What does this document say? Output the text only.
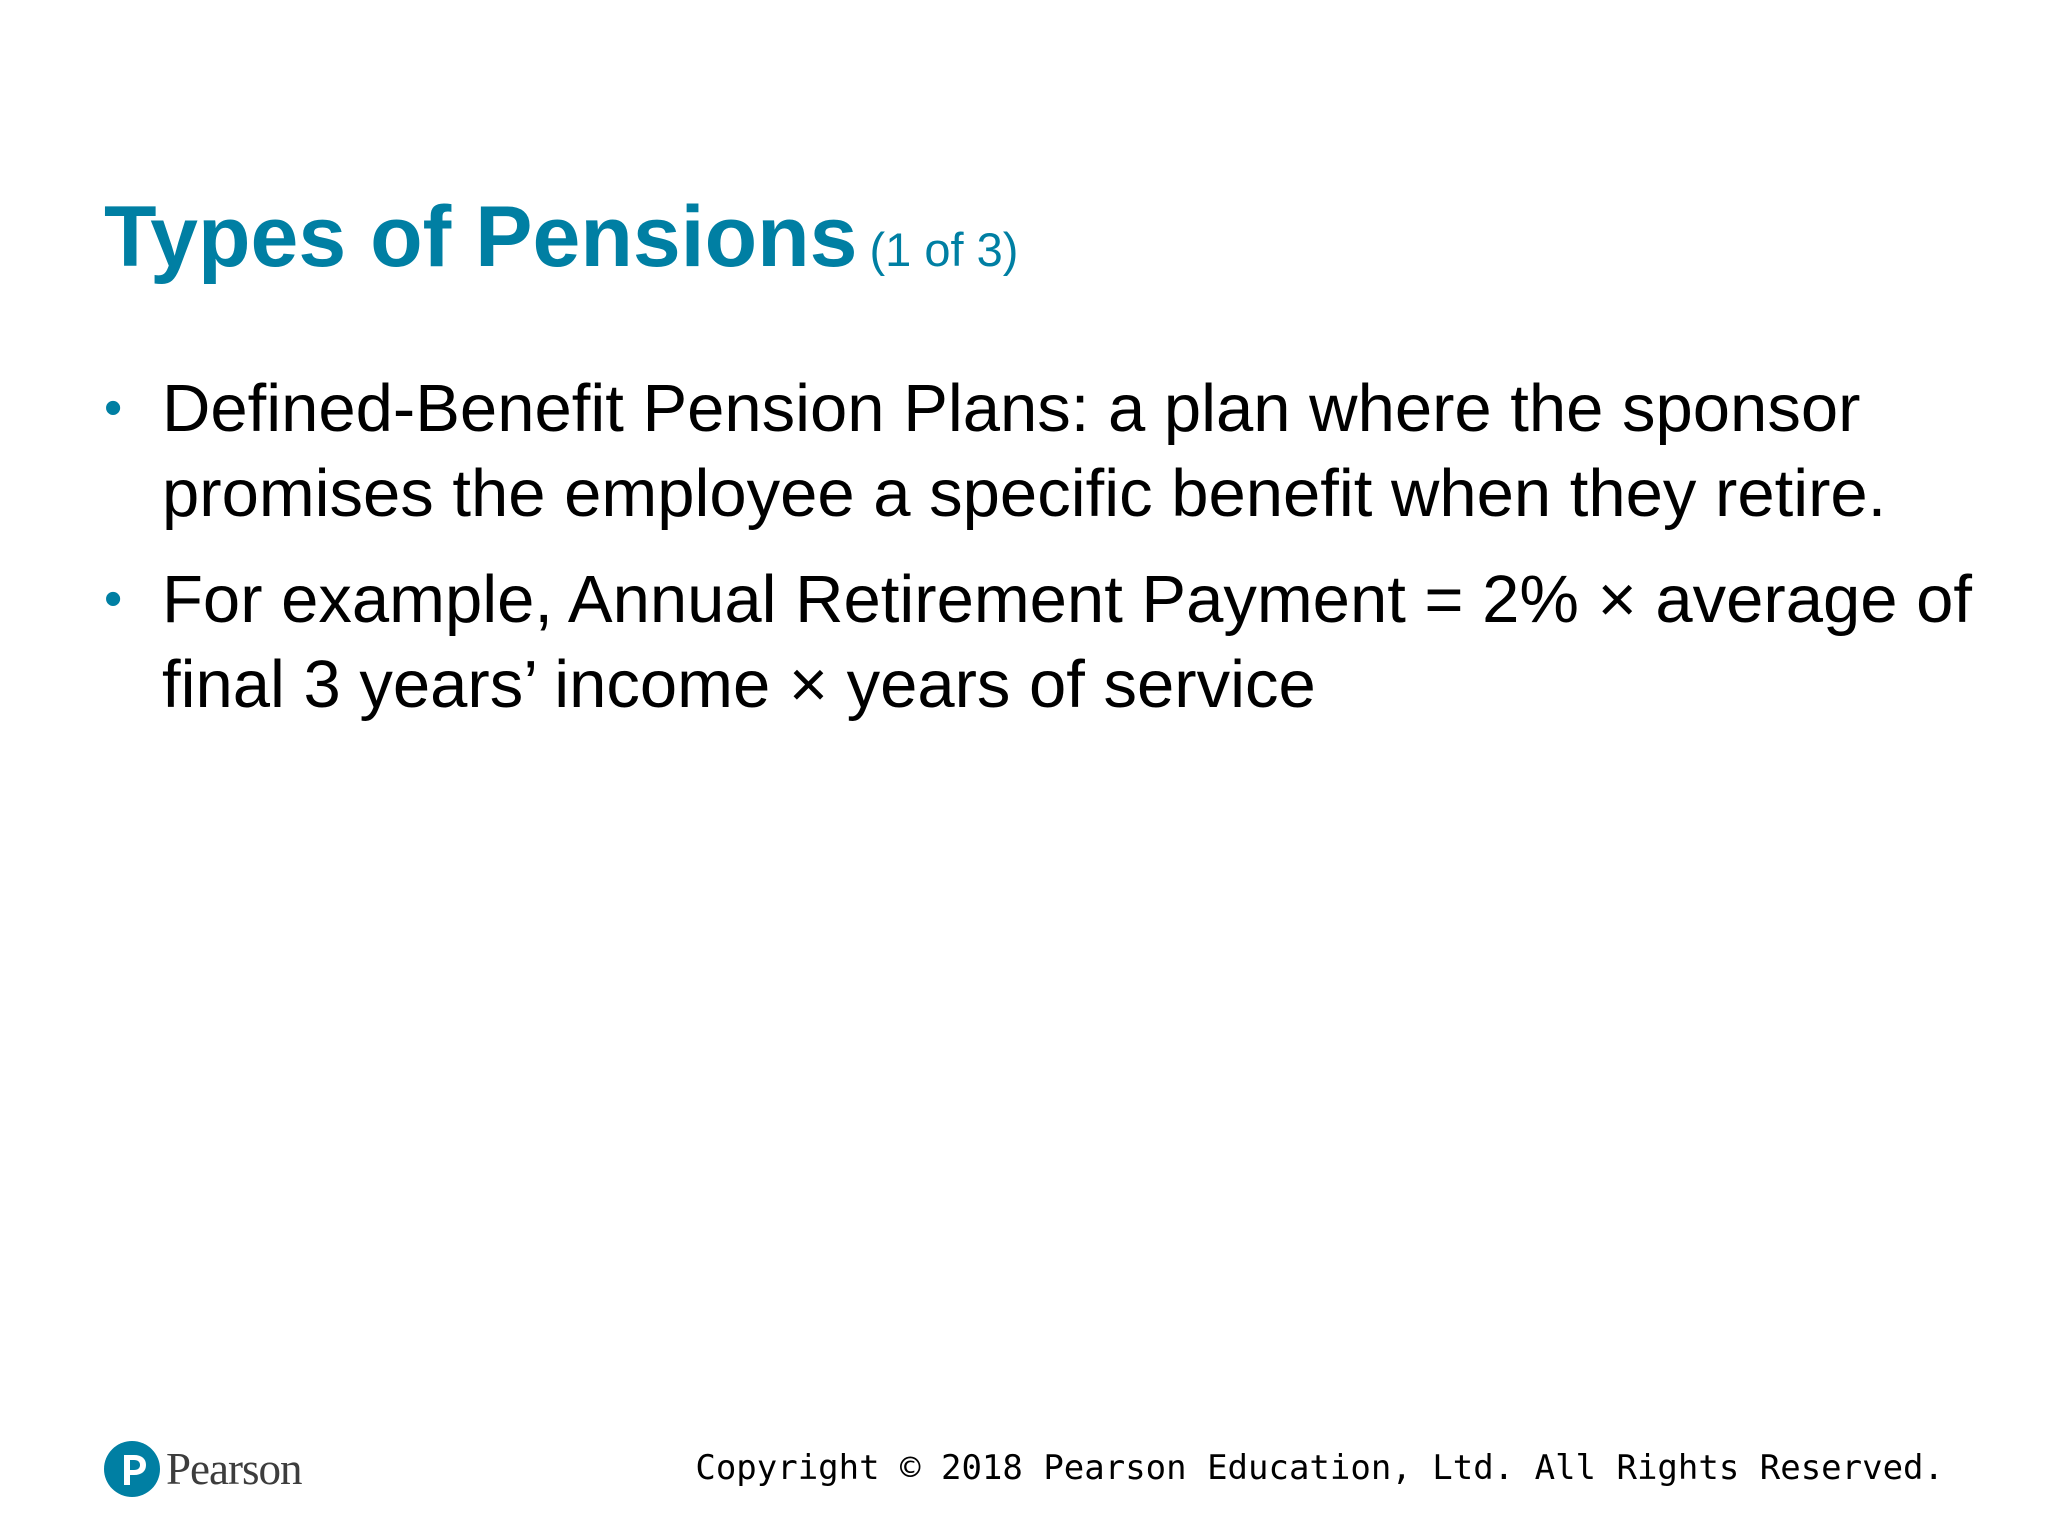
Types of Pensions (1 of 3)
• Defined-Benefit Pension Plans: a plan where the sponsor promises the employee a specific benefit when they retire.
• For example, Annual Retirement Payment = 2% × average of final 3 years’ income × years of service
Pearson	Copyright © 2018 Pearson Education, Ltd. All Rights Reserved.
